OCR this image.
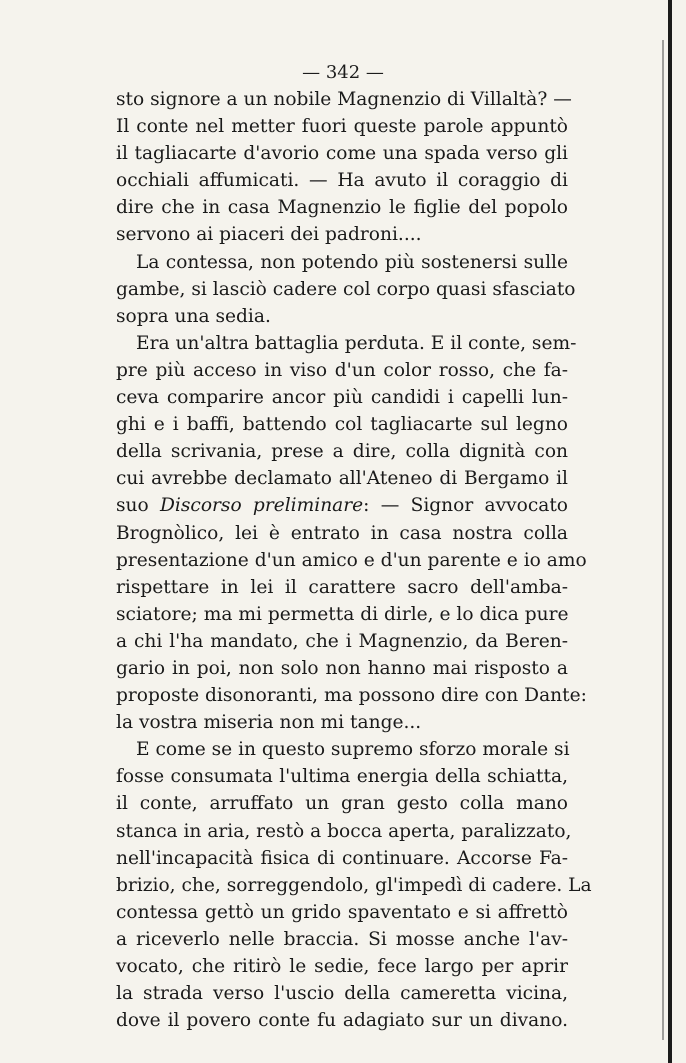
— 342 —
sto signore a un nobile Magnenzio di Villaltà? —
Il conte nel metter fuori queste parole appuntò
il tagliacarte d'avorio come una spada verso gli
occhiali affumicati. — Ha avuto il coraggio di
dire che in casa Magnenzio le figlie del popolo
servono ai piaceri dei padroni....
La contessa, non potendo più sostenersi sulle
gambe, si lasciò cadere col corpo quasi sfasciato
sopra una sedia.
Era un'altra battaglia perduta. E il conte, sem-
pre più acceso in viso d'un color rosso, che fa-
ceva comparire ancor più candidi i capelli lun-
ghi e i baffi, battendo col tagliacarte sul legno
della scrivania, prese a dire, colla dignità con
cui avrebbe declamato all'Ateneo di Bergamo il
suo Discorso preliminare: — Signor avvocato
Brognòlico, lei è entrato in casa nostra colla
presentazione d'un amico e d'un parente e io amo
rispettare in lei il carattere sacro dell'amba-
sciatore; ma mi permetta di dirle, e lo dica pure
a chi l'ha mandato, che i Magnenzio, da Beren-
gario in poi, non solo non hanno mai risposto a
proposte disonoranti, ma possono dire con Dante:
la vostra miseria non mi tange...
E come se in questo supremo sforzo morale si
fosse consumata l'ultima energia della schiatta,
il conte, arruffato un gran gesto colla mano
stanca in aria, restò a bocca aperta, paralizzato,
nell'incapacità fisica di continuare. Accorse Fa-
brizio, che, sorreggendolo, gl'impedì di cadere. La
contessa gettò un grido spaventato e si affrettò
a riceverlo nelle braccia. Si mosse anche l'av-
vocato, che ritirò le sedie, fece largo per aprir
la strada verso l'uscio della cameretta vicina,
dove il povero conte fu adagiato sur un divano.
